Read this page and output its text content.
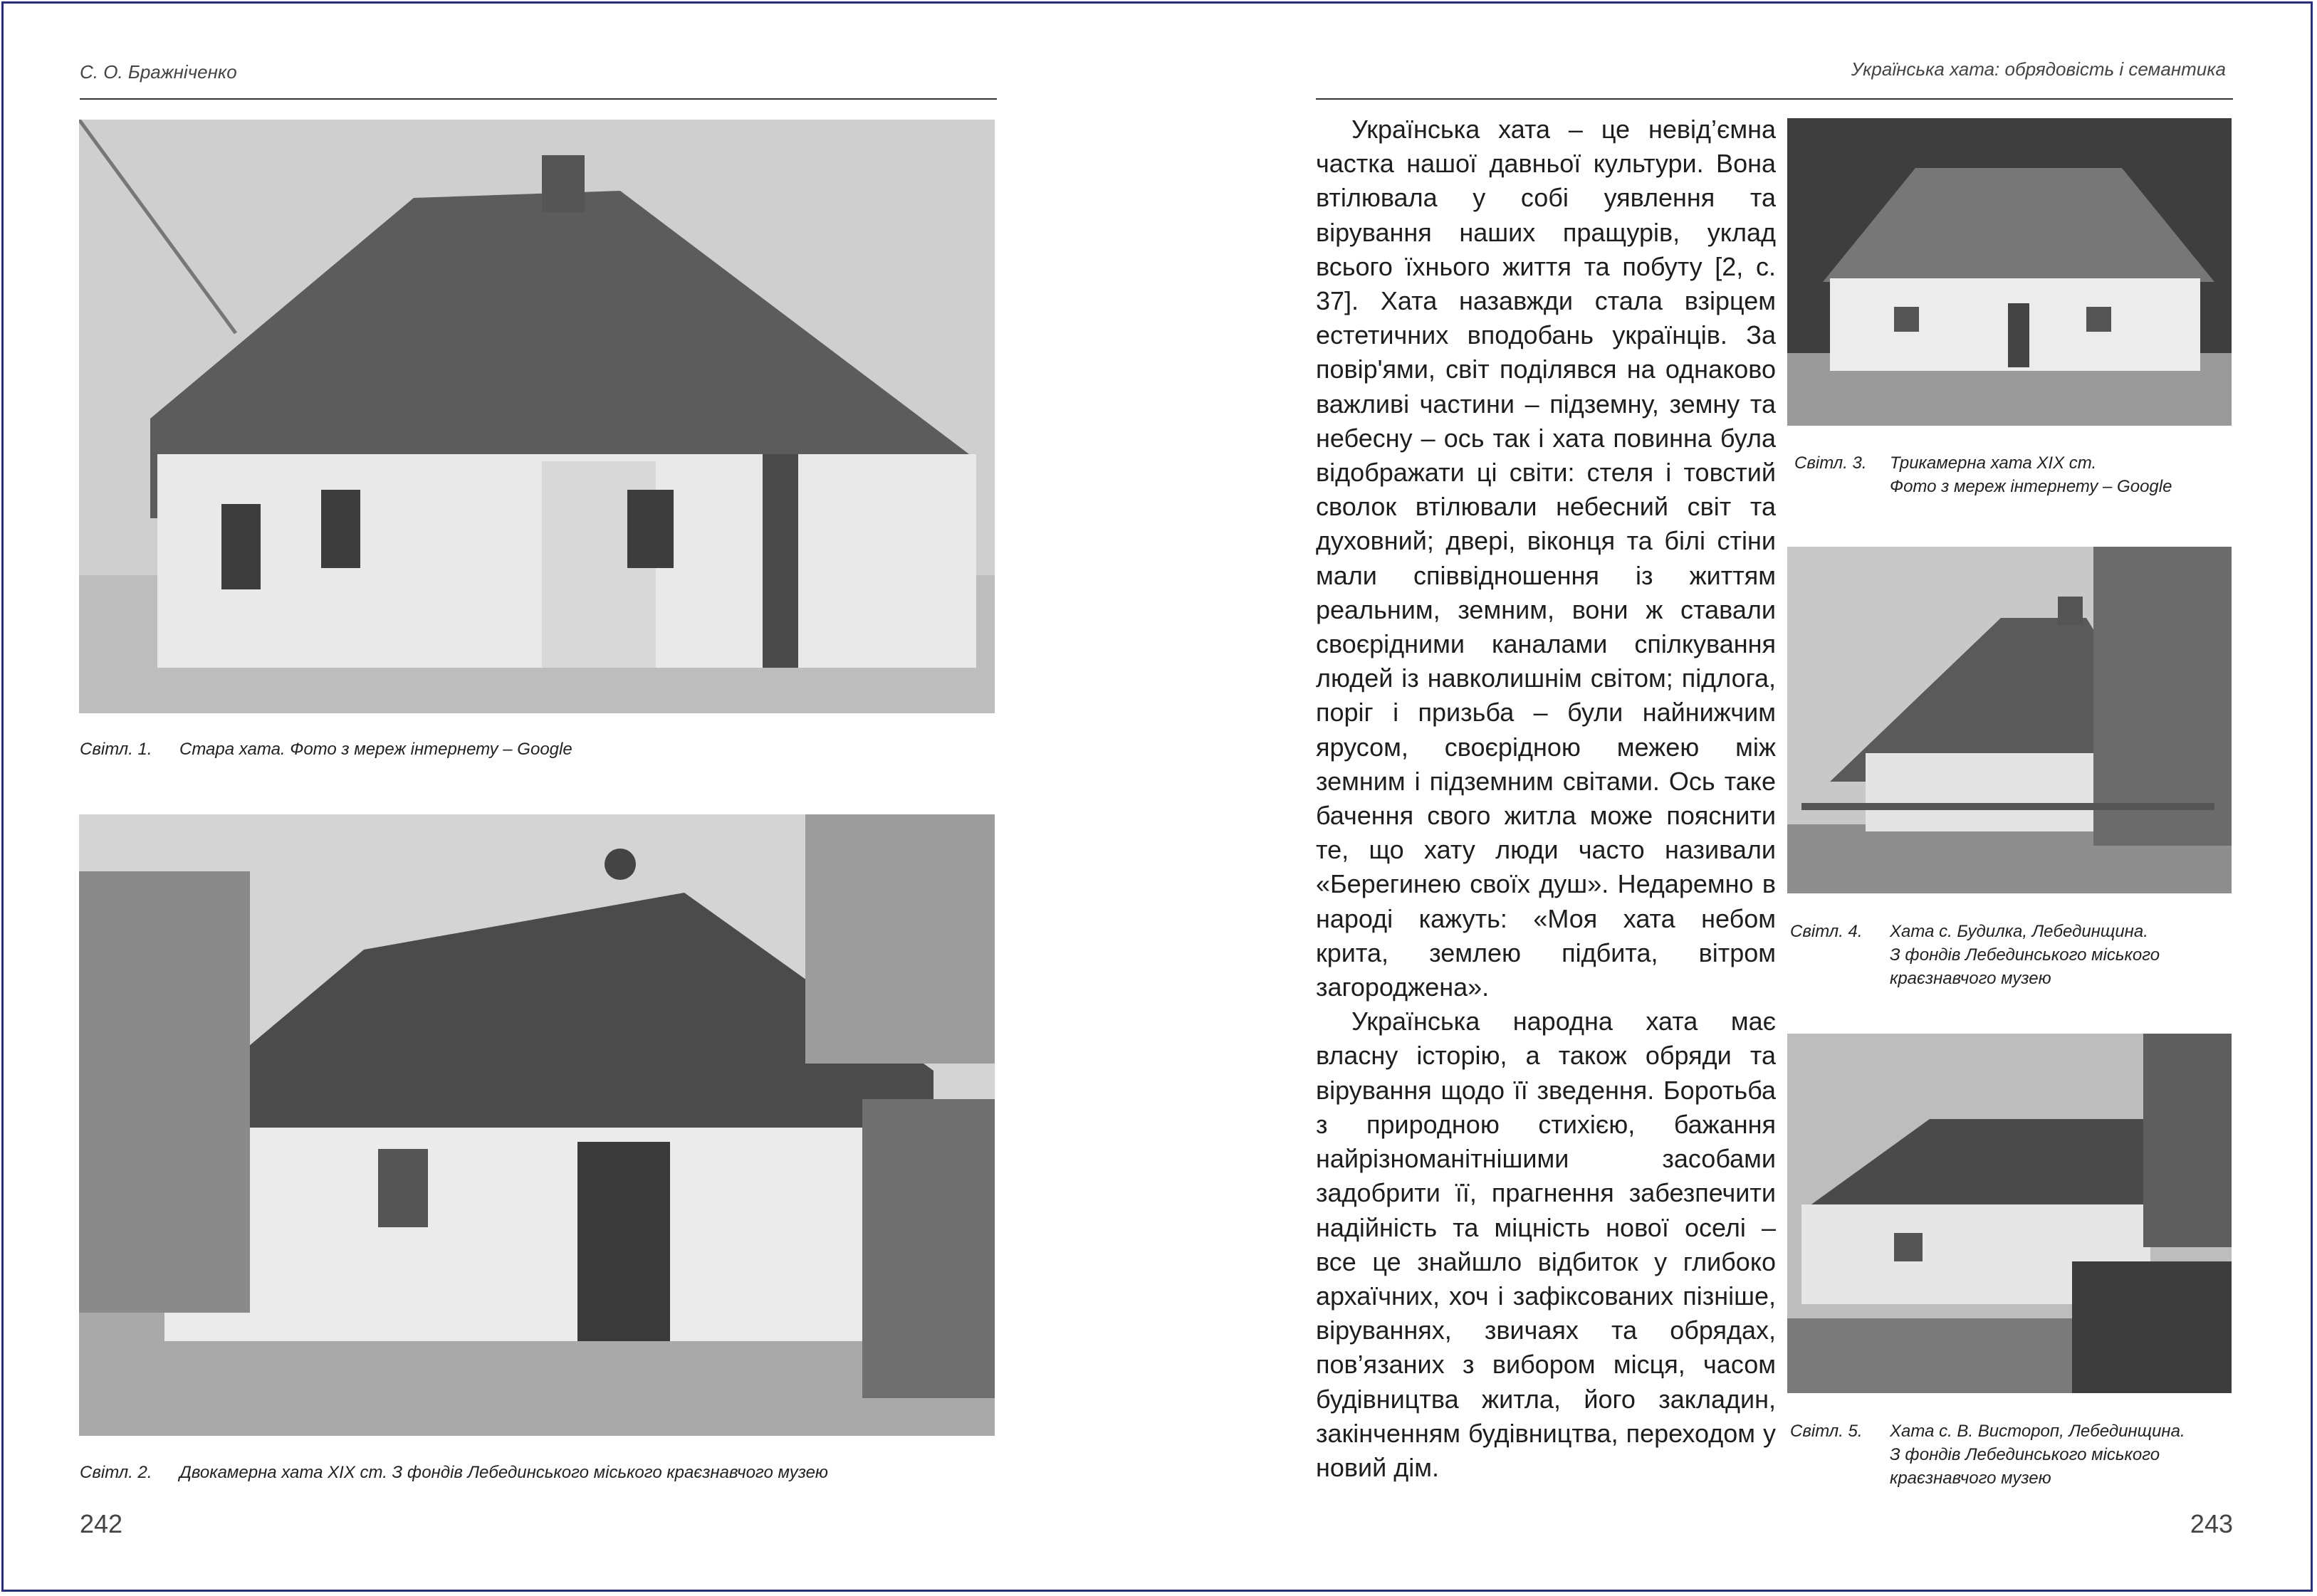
С. О. Бражніченко
Світл. 1. Стара хата. Фото з мереж інтернету – Google
Світл. 2. Двокамерна хата ХІХ ст. З фондів Лебединського міського краєзнавчого музею
242
Українська хата: обрядовість і семантика

Українська хата – це невід’ємна частка нашої давньої культури. Вона втілювала у собі уявлення та вірування наших пращурів, уклад всього їхнього життя та побуту [2, с. 37]. Хата назавжди стала взірцем естетичних вподобань українців. За повір'ями, світ поділявся на однаково важливі частини – підземну, земну та небесну – ось так і хата повинна була відображати ці світи: стеля і товстий сволок втілювали небесний світ та духовний; двері, віконця та білі стіни мали співвідношення із життям реальним, земним, вони ж ставали своєрідними каналами спілкування людей із навколишнім світом; підлога, поріг і призьба – були найнижчим ярусом, своєрідною межею між земним і підземним світами. Ось таке бачення свого житла може пояснити те, що хату люди часто називали «Берегинею своїх душ». Недаремно в народі кажуть: «Моя хата небом крита, землею підбита, вітром загороджена».

Українська народна хата має власну історію, а також обряди та вірування щодо її зведення. Боротьба з природною стихією, бажання найрізноманітнішими засобами задобрити її, прагнення забезпечити надійність та міцність нової оселі – все це знайшло відбиток у глибоко архаїчних, хоч і зафіксованих пізніше, віруваннях, звичаях та обрядах, пов’язаних з вибором місця, часом будівництва житла, його закладин, закінченням будівництва, переходом у новий дім.

Світл. 3. Трикамерна хата ХІХ ст.
Фото з мереж інтернету – Google
Світл. 4. Хата с. Будилка, Лебединщина.
З фондів Лебединського міського
краєзнавчого музею
Світл. 5. Хата с. В. Вистороп, Лебединщина.
З фондів Лебединського міського
краєзнавчого музею
243
